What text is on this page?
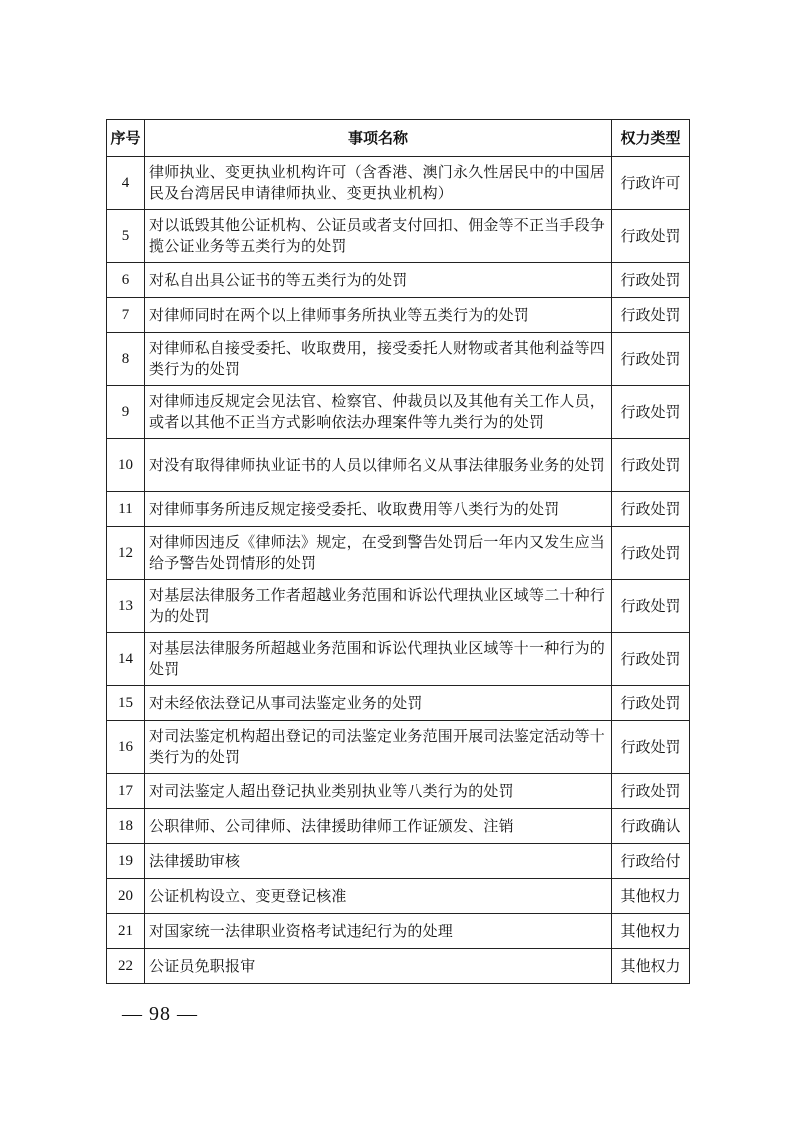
序号	事项名称	权力类型
4	律师执业、变更执业机构许可（含香港、澳门永久性居民中的中国居民及台湾居民申请律师执业、变更执业机构）	行政许可
5	对以诋毁其他公证机构、公证员或者支付回扣、佣金等不正当手段争揽公证业务等五类行为的处罚	行政处罚
6	对私自出具公证书的等五类行为的处罚	行政处罚
7	对律师同时在两个以上律师事务所执业等五类行为的处罚	行政处罚
8	对律师私自接受委托、收取费用，接受委托人财物或者其他利益等四类行为的处罚	行政处罚
9	对律师违反规定会见法官、检察官、仲裁员以及其他有关工作人员，或者以其他不正当方式影响依法办理案件等九类行为的处罚	行政处罚
10	对没有取得律师执业证书的人员以律师名义从事法律服务业务的处罚	行政处罚
11	对律师事务所违反规定接受委托、收取费用等八类行为的处罚	行政处罚
12	对律师因违反《律师法》规定，在受到警告处罚后一年内又发生应当给予警告处罚情形的处罚	行政处罚
13	对基层法律服务工作者超越业务范围和诉讼代理执业区域等二十种行为的处罚	行政处罚
14	对基层法律服务所超越业务范围和诉讼代理执业区域等十一种行为的处罚	行政处罚
15	对未经依法登记从事司法鉴定业务的处罚	行政处罚
16	对司法鉴定机构超出登记的司法鉴定业务范围开展司法鉴定活动等十类行为的处罚	行政处罚
17	对司法鉴定人超出登记执业类别执业等八类行为的处罚	行政处罚
18	公职律师、公司律师、法律援助律师工作证颁发、注销	行政确认
19	法律援助审核	行政给付
20	公证机构设立、变更登记核准	其他权力
21	对国家统一法律职业资格考试违纪行为的处理	其他权力
22	公证员免职报审	其他权力
— 98 —
